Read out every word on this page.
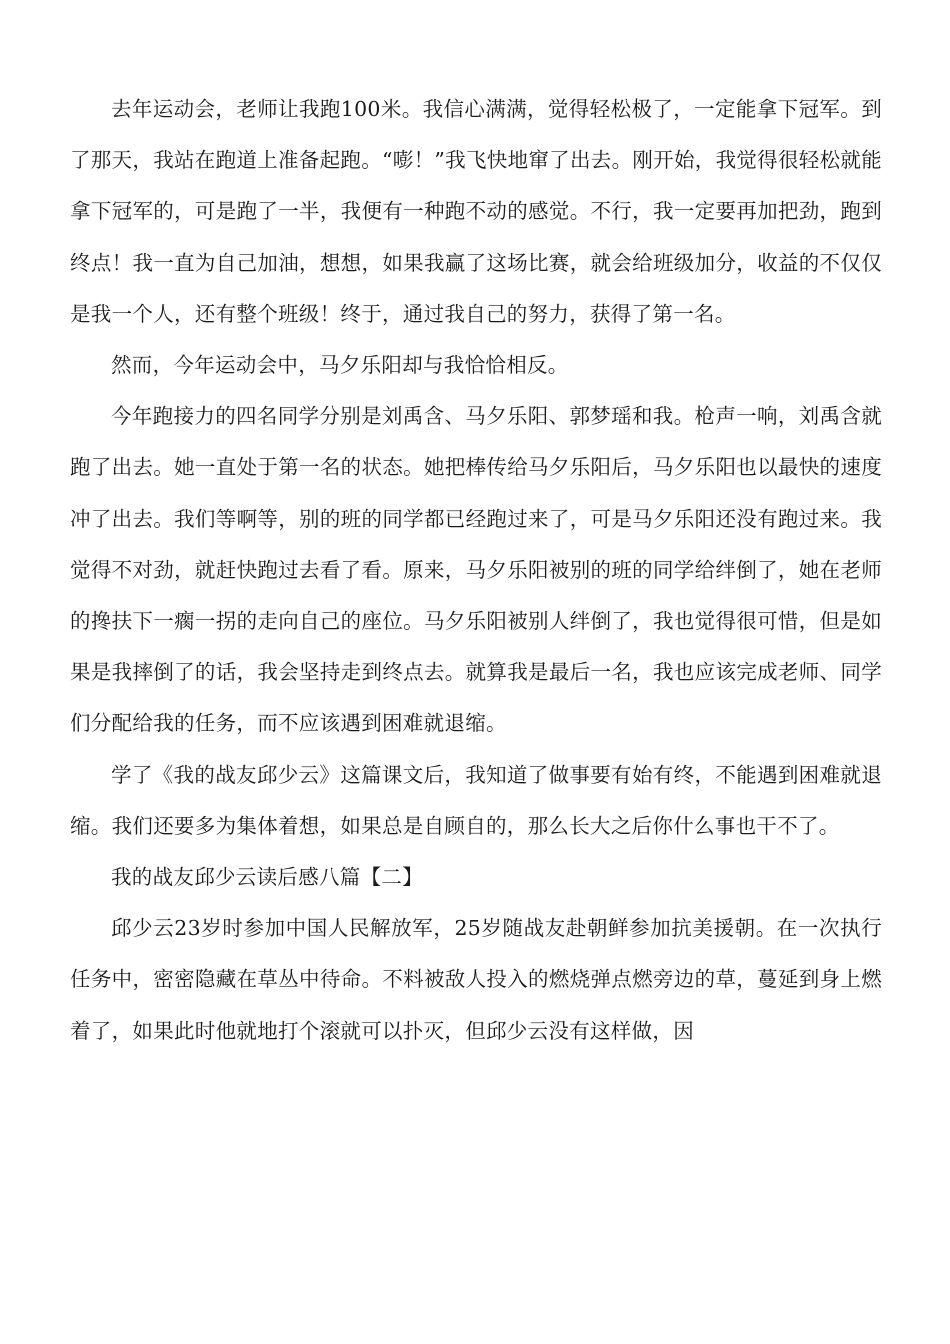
去年运动会，老师让我跑100米。我信心满满，觉得轻松极了，一定能拿下冠军。到了那天，我站在跑道上准备起跑。“嘭！”我飞快地窜了出去。刚开始，我觉得很轻松就能拿下冠军的，可是跑了一半，我便有一种跑不动的感觉。不行，我一定要再加把劲，跑到终点！我一直为自己加油，想想，如果我赢了这场比赛，就会给班级加分，收益的不仅仅是我一个人，还有整个班级！终于，通过我自己的努力，获得了第一名。

然而，今年运动会中，马夕乐阳却与我恰恰相反。

今年跑接力的四名同学分别是刘禹含、马夕乐阳、郭梦瑶和我。枪声一响，刘禹含就跑了出去。她一直处于第一名的状态。她把棒传给马夕乐阳后，马夕乐阳也以最快的速度冲了出去。我们等啊等，别的班的同学都已经跑过来了，可是马夕乐阳还没有跑过来。我觉得不对劲，就赶快跑过去看了看。原来，马夕乐阳被别的班的同学给绊倒了，她在老师的搀扶下一瘸一拐的走向自己的座位。马夕乐阳被别人绊倒了，我也觉得很可惜，但是如果是我摔倒了的话，我会坚持走到终点去。就算我是最后一名，我也应该完成老师、同学们分配给我的任务，而不应该遇到困难就退缩。

学了《我的战友邱少云》这篇课文后，我知道了做事要有始有终，不能遇到困难就退缩。我们还要多为集体着想，如果总是自顾自的，那么长大之后你什么事也干不了。

我的战友邱少云读后感八篇【二】

邱少云23岁时参加中国人民解放军，25岁随战友赴朝鲜参加抗美援朝。在一次执行任务中，密密隐藏在草丛中待命。不料被敌人投入的燃烧弹点燃旁边的草，蔓延到身上燃着了，如果此时他就地打个滚就可以扑灭，但邱少云没有这样做，因
